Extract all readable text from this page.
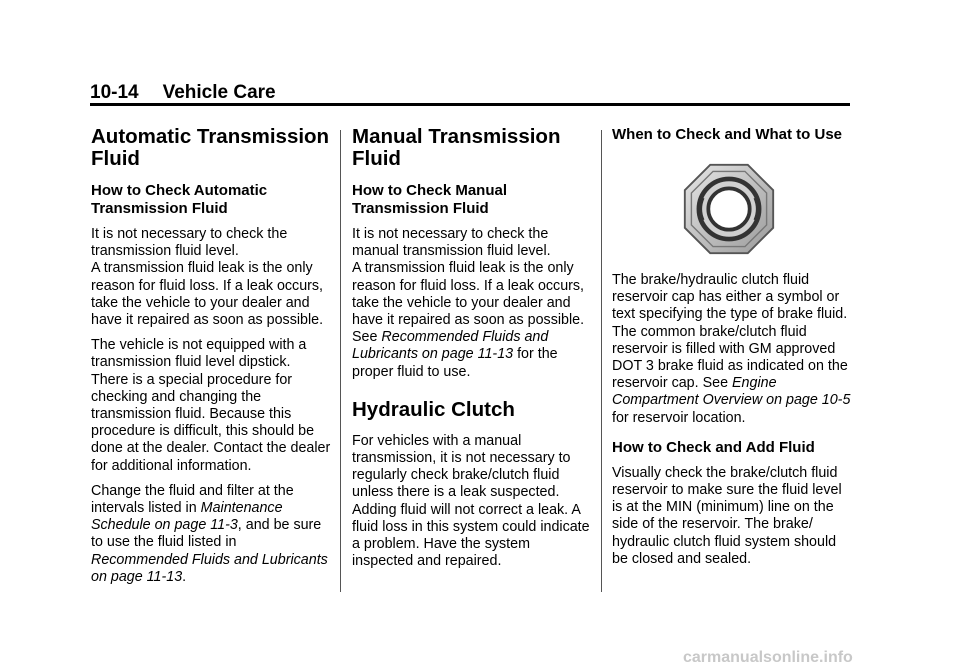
10-14 Vehicle Care
Automatic Transmission Fluid
How to Check Automatic Transmission Fluid

It is not necessary to check the transmission fluid level.
A transmission fluid leak is the only reason for fluid loss. If a leak occurs, take the vehicle to your dealer and have it repaired as soon as possible.

The vehicle is not equipped with a transmission fluid level dipstick. There is a special procedure for checking and changing the transmission fluid. Because this procedure is difficult, this should be done at the dealer. Contact the dealer for additional information.

Change the fluid and filter at the intervals listed in Maintenance Schedule on page 11-3, and be sure to use the fluid listed in Recommended Fluids and Lubricants on page 11-13.

Manual Transmission Fluid
How to Check Manual Transmission Fluid

It is not necessary to check the manual transmission fluid level.
A transmission fluid leak is the only reason for fluid loss. If a leak occurs, take the vehicle to your dealer and have it repaired as soon as possible. See Recommended Fluids and Lubricants on page 11-13 for the proper fluid to use.

Hydraulic Clutch

For vehicles with a manual transmission, it is not necessary to regularly check brake/clutch fluid unless there is a leak suspected. Adding fluid will not correct a leak. A fluid loss in this system could indicate a problem. Have the system inspected and repaired.

When to Check and What to Use

The brake/hydraulic clutch fluid reservoir cap has either a symbol or text specifying the type of brake fluid. The common brake/clutch fluid reservoir is filled with GM approved DOT 3 brake fluid as indicated on the reservoir cap. See Engine Compartment Overview on page 10-5 for reservoir location.

How to Check and Add Fluid

Visually check the brake/clutch fluid reservoir to make sure the fluid level is at the MIN (minimum) line on the side of the reservoir. The brake/ hydraulic clutch fluid system should be closed and sealed.

carmanualsonline.info
